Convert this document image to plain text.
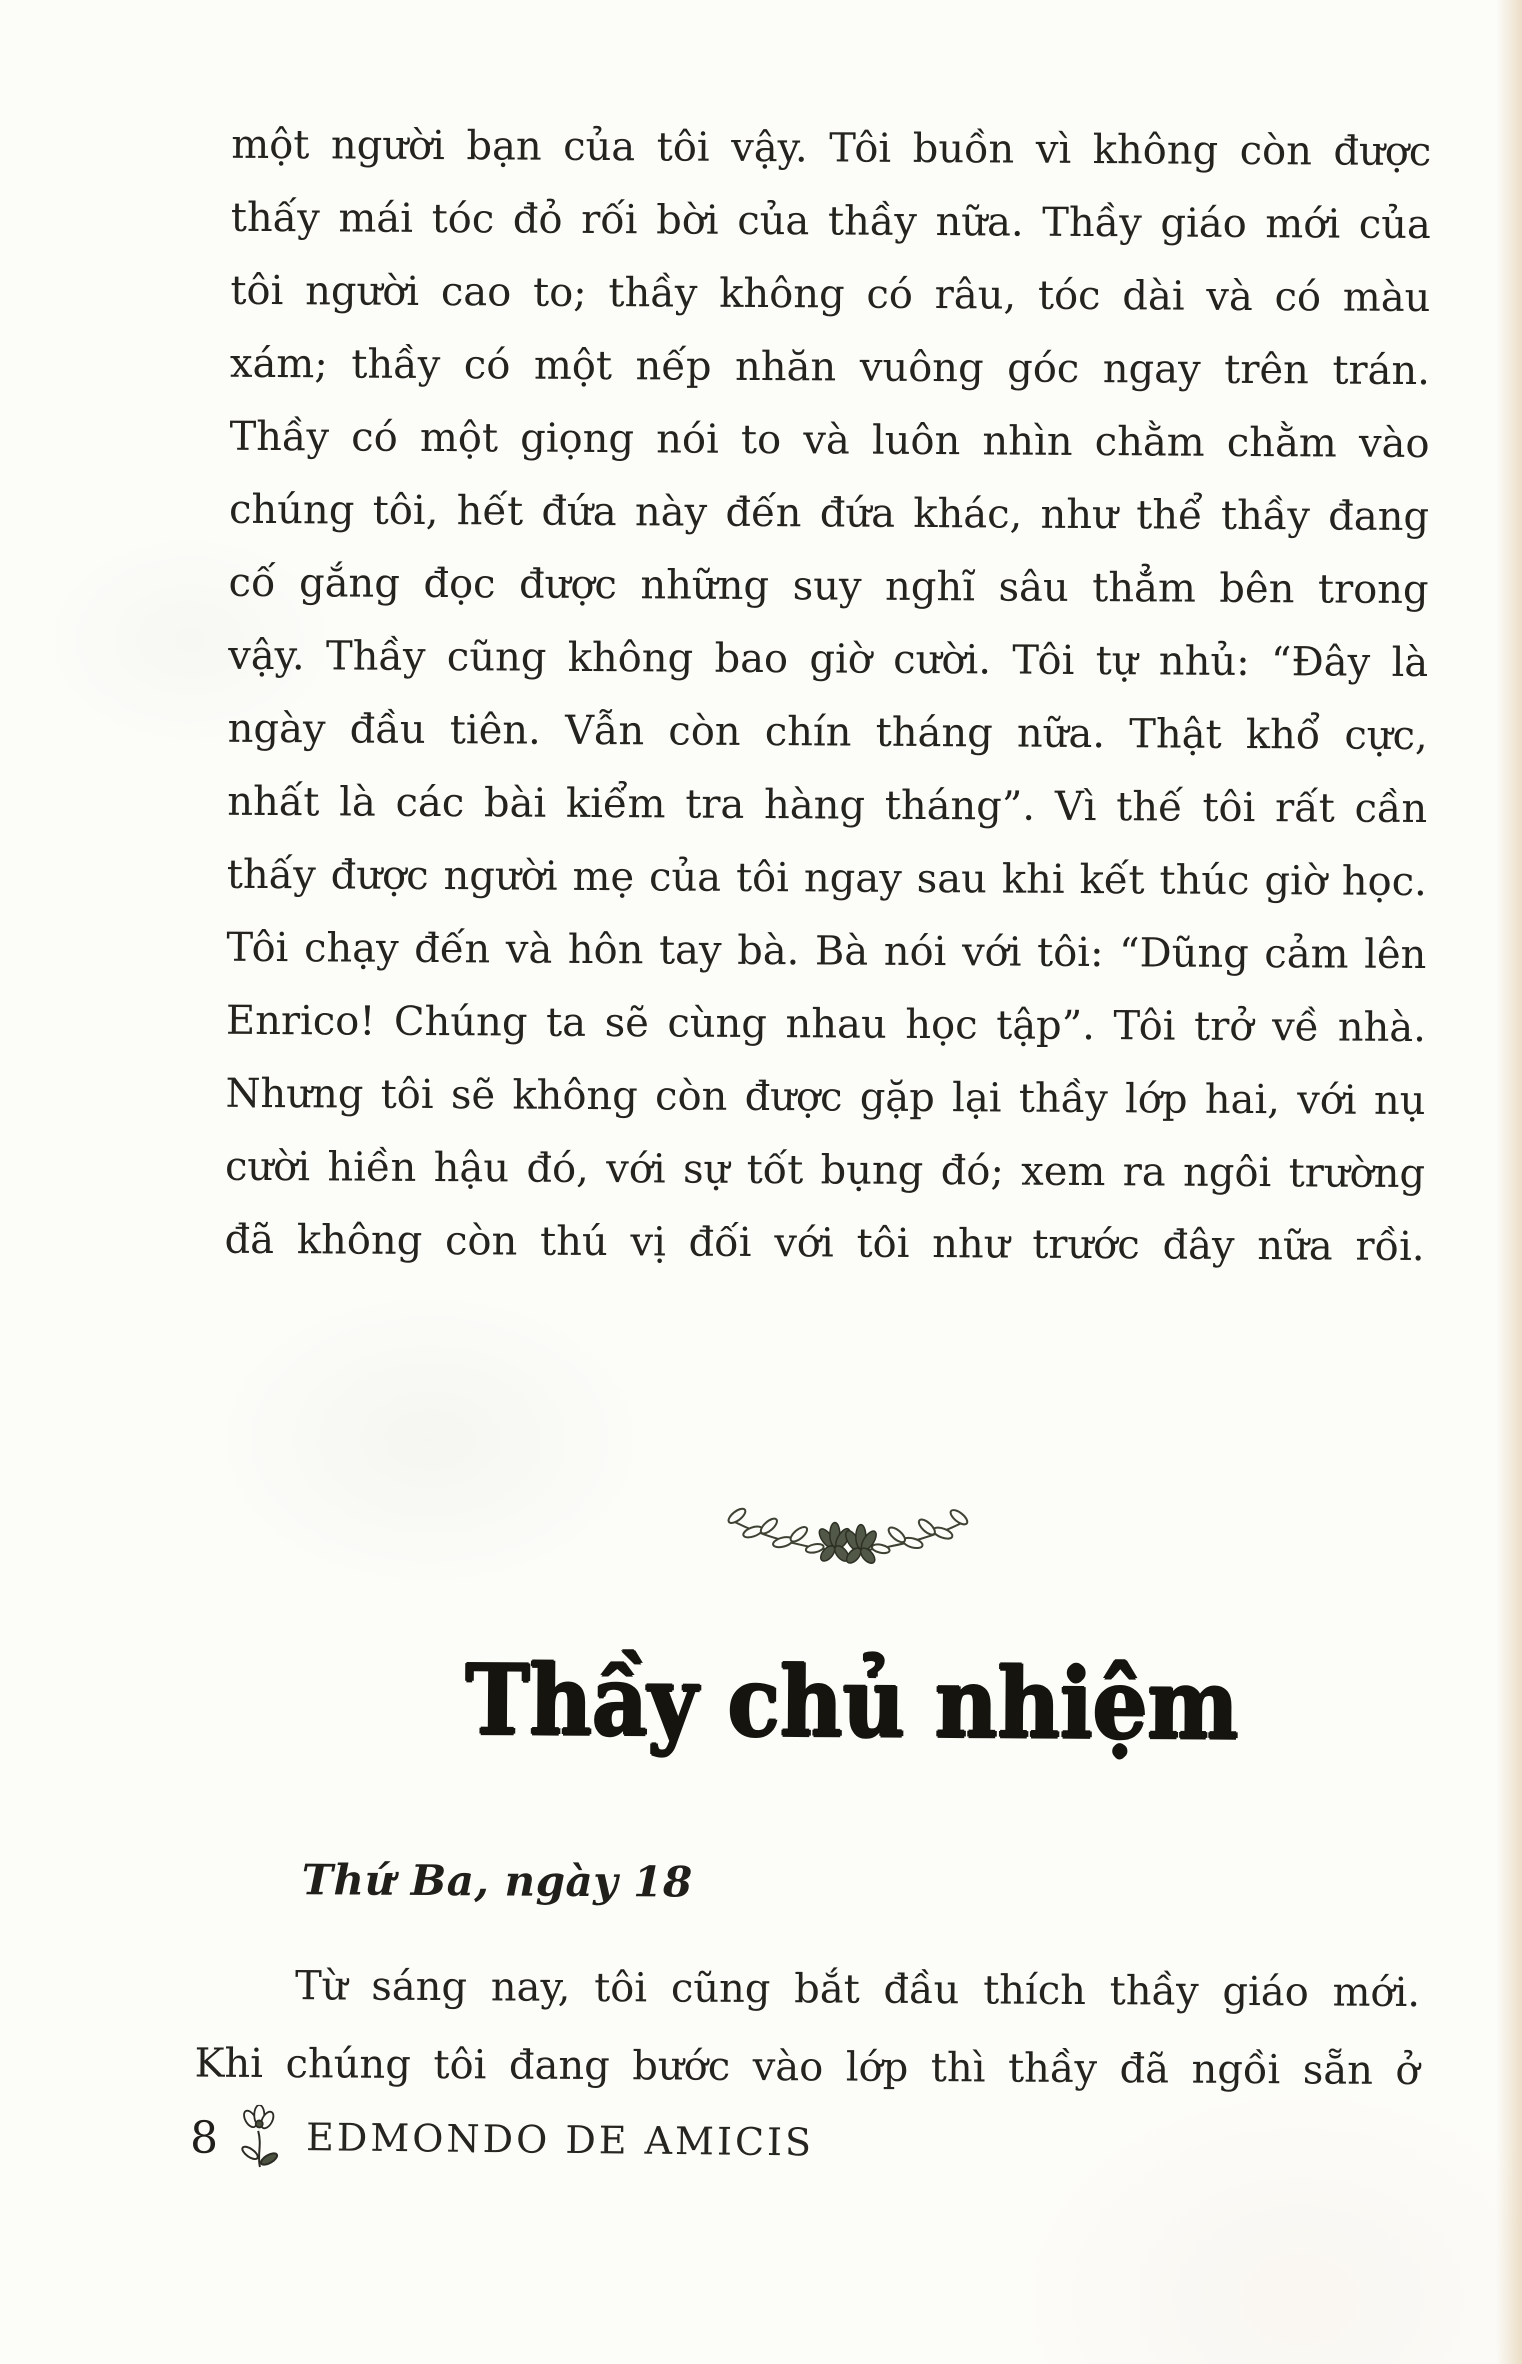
một người bạn của tôi vậy. Tôi buồn vì không còn được
thấy mái tóc đỏ rối bời của thầy nữa. Thầy giáo mới của
tôi người cao to; thầy không có râu, tóc dài và có màu
xám; thầy có một nếp nhăn vuông góc ngay trên trán.
Thầy có một giọng nói to và luôn nhìn chằm chằm vào
chúng tôi, hết đứa này đến đứa khác, như thể thầy đang
cố gắng đọc được những suy nghĩ sâu thẳm bên trong
vậy. Thầy cũng không bao giờ cười. Tôi tự nhủ: “Đây là
ngày đầu tiên. Vẫn còn chín tháng nữa. Thật khổ cực,
nhất là các bài kiểm tra hàng tháng”. Vì thế tôi rất cần
thấy được người mẹ của tôi ngay sau khi kết thúc giờ học.
Tôi chạy đến và hôn tay bà. Bà nói với tôi: “Dũng cảm lên
Enrico! Chúng ta sẽ cùng nhau học tập”. Tôi trở về nhà.
Nhưng tôi sẽ không còn được gặp lại thầy lớp hai, với nụ
cười hiền hậu đó, với sự tốt bụng đó; xem ra ngôi trường
đã không còn thú vị đối với tôi như trước đây nữa rồi.
Thầy chủ nhiệm
Thứ Ba, ngày 18
Từ sáng nay, tôi cũng bắt đầu thích thầy giáo mới.
Khi chúng tôi đang bước vào lớp thì thầy đã ngồi sẵn ở
8 EDMONDO DE AMICIS
